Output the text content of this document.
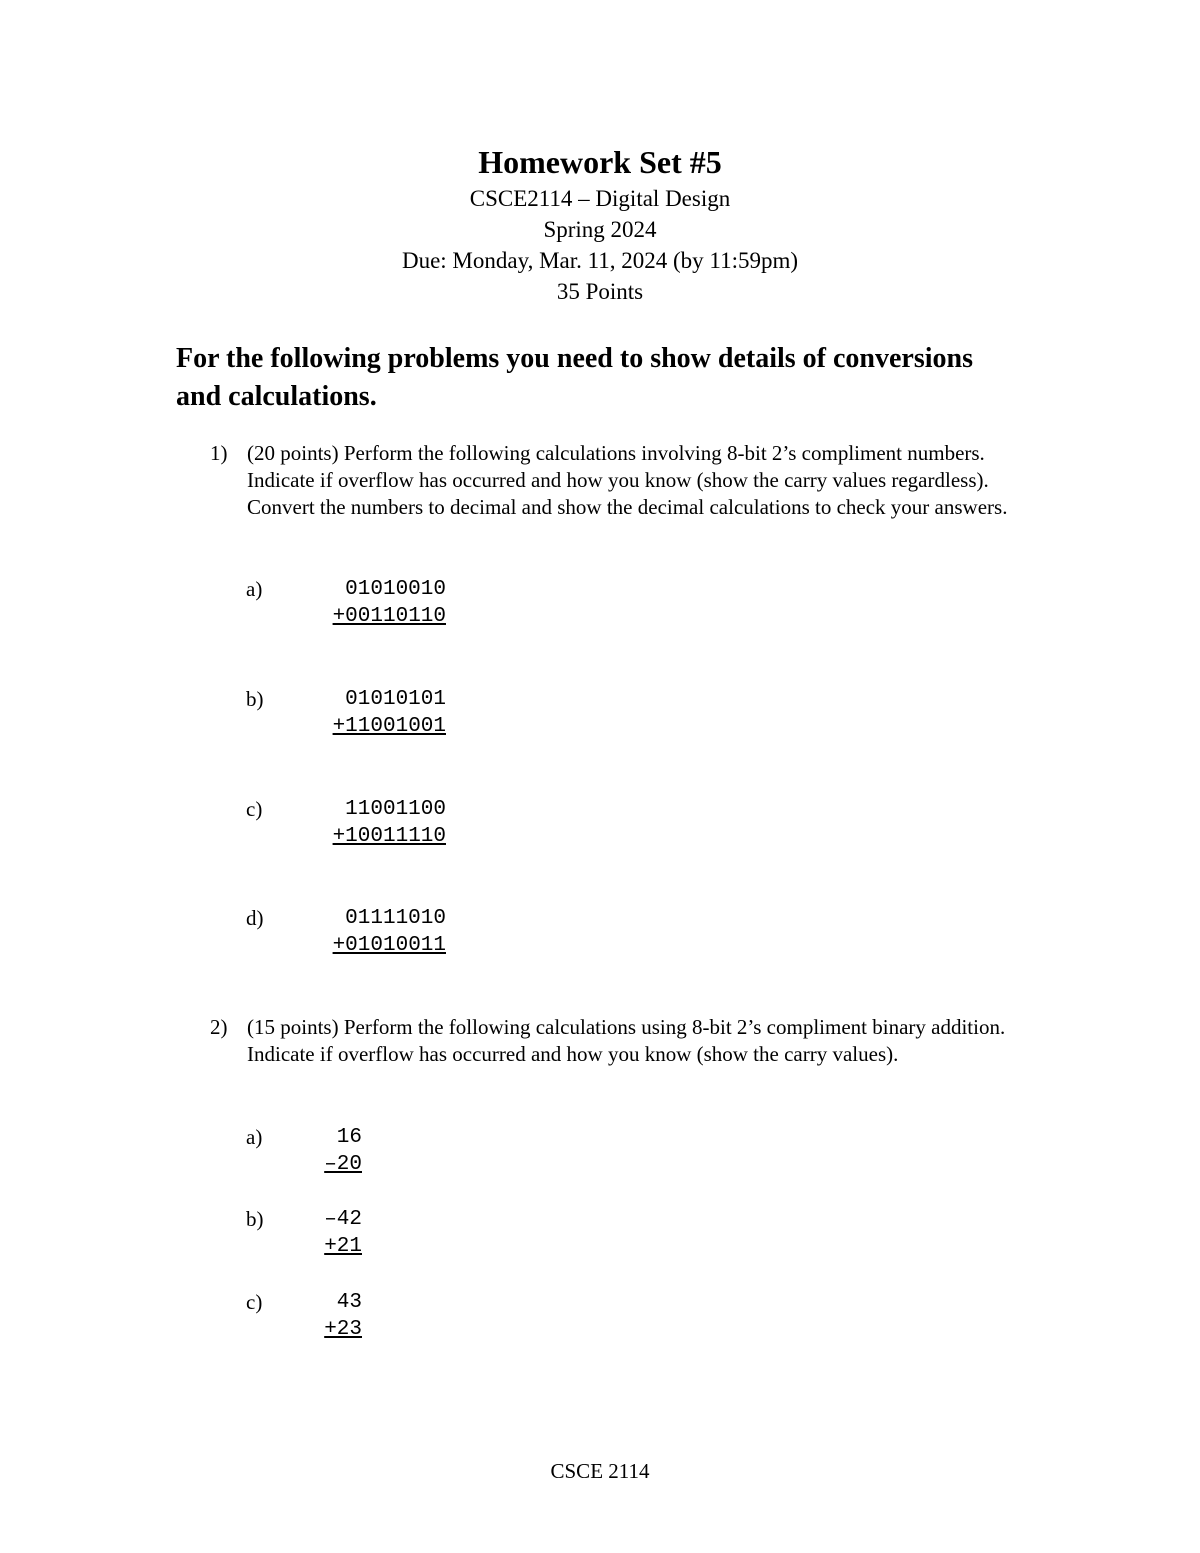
Homework Set #5
CSCE2114 – Digital Design
Spring 2024
Due: Monday, Mar. 11, 2024 (by 11:59pm)
35 Points
For the following problems you need to show details of conversions and calculations.
1) (20 points) Perform the following calculations involving 8-bit 2’s compliment numbers. Indicate if overflow has occurred and how you know (show the carry values regardless). Convert the numbers to decimal and show the decimal calculations to check your answers.
a)	01010010
+00110110
b)	01010101
+11001001
c)	11001100
+10011110
d)	01111010
+01010011
2) (15 points) Perform the following calculations using 8-bit 2’s compliment binary addition.
Indicate if overflow has occurred and how you know (show the carry values).
a)	16
–20
b)	–42
+21
c)	43
+23
CSCE 2114
